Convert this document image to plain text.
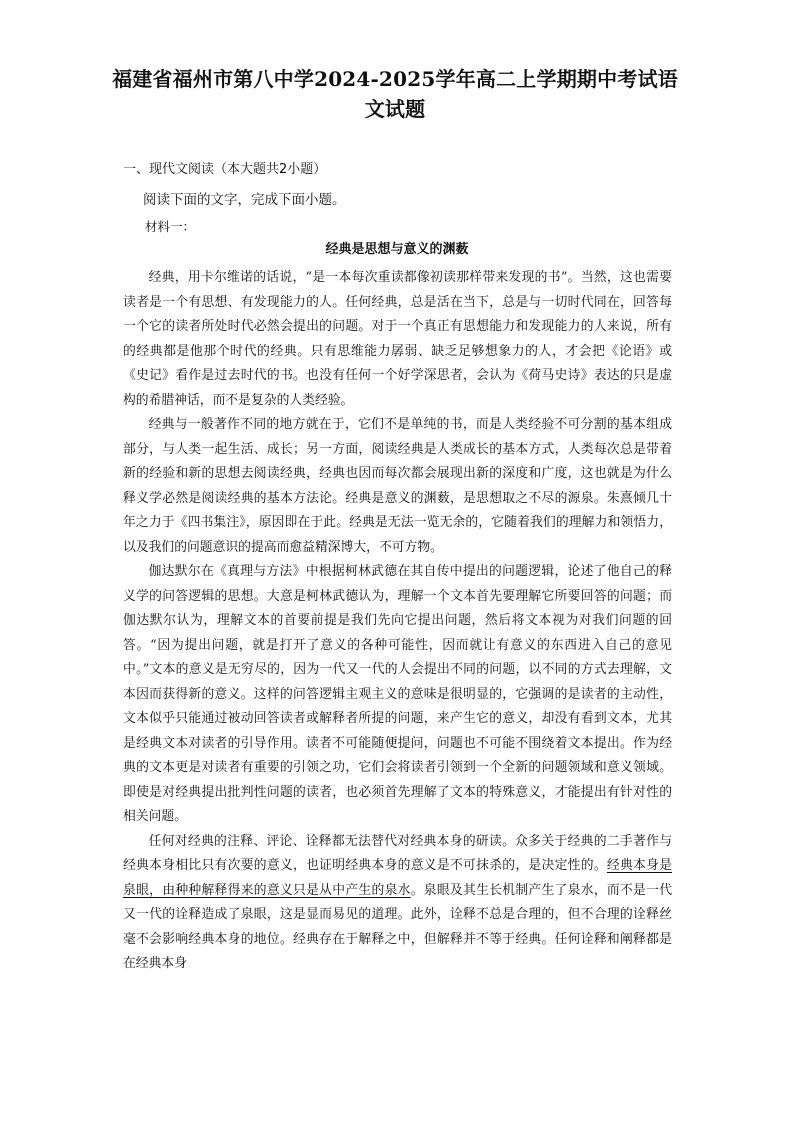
福建省福州市第八中学2024-2025学年高二上学期期中考试语文试题
一、现代文阅读（本大题共2小题）
阅读下面的文字，完成下面小题。
材料一：
经典是思想与意义的渊薮

经典，用卡尔维诺的话说，“是一本每次重读都像初读那样带来发现的书”。当然，这也需要读者是一个有思想、有发现能力的人。任何经典，总是活在当下，总是与一切时代同在，回答每一个它的读者所处时代必然会提出的问题。对于一个真正有思想能力和发现能力的人来说，所有的经典都是他那个时代的经典。只有思维能力孱弱、缺乏足够想象力的人，才会把《论语》或《史记》看作是过去时代的书。也没有任何一个好学深思者，会认为《荷马史诗》表达的只是虚构的希腊神话，而不是复杂的人类经验。

经典与一般著作不同的地方就在于，它们不是单纯的书，而是人类经验不可分割的基本组成部分，与人类一起生活、成长；另一方面，阅读经典是人类成长的基本方式，人类每次总是带着新的经验和新的思想去阅读经典，经典也因而每次都会展现出新的深度和广度，这也就是为什么释义学必然是阅读经典的基本方法论。经典是意义的渊薮，是思想取之不尽的源泉。朱熹倾几十年之力于《四书集注》，原因即在于此。经典是无法一览无余的，它随着我们的理解力和领悟力，以及我们的问题意识的提高而愈益精深博大，不可方物。

伽达默尔在《真理与方法》中根据柯林武德在其自传中提出的问题逻辑，论述了他自己的释义学的问答逻辑的思想。大意是柯林武德认为，理解一个文本首先要理解它所要回答的问题；而伽达默尔认为，理解文本的首要前提是我们先向它提出问题，然后将文本视为对我们问题的回答。“因为提出问题，就是打开了意义的各种可能性，因而就让有意义的东西进入自己的意见中。”文本的意义是无穷尽的，因为一代又一代的人会提出不同的问题，以不同的方式去理解，文本因而获得新的意义。这样的问答逻辑主观主义的意味是很明显的，它强调的是读者的主动性，文本似乎只能通过被动回答读者或解释者所提的问题，来产生它的意义，却没有看到文本，尤其是经典文本对读者的引导作用。读者不可能随便提问，问题也不可能不围绕着文本提出。作为经典的文本更是对读者有重要的引领之功，它们会将读者引领到一个全新的问题领域和意义领域。即使是对经典提出批判性问题的读者，也必须首先理解了文本的特殊意义，才能提出有针对性的相关问题。

任何对经典的注释、评论、诠释都无法替代对经典本身的研读。众多关于经典的二手著作与经典本身相比只有次要的意义，也证明经典本身的意义是不可抹杀的，是决定性的。经典本身是泉眼，由种种解释得来的意义只是从中产生的泉水。泉眼及其生长机制产生了泉水，而不是一代又一代的诠释造成了泉眼，这是显而易见的道理。此外，诠释不总是合理的，但不合理的诠释丝毫不会影响经典本身的地位。经典存在于解释之中，但解释并不等于经典。任何诠释和阐释都是在经典本身
